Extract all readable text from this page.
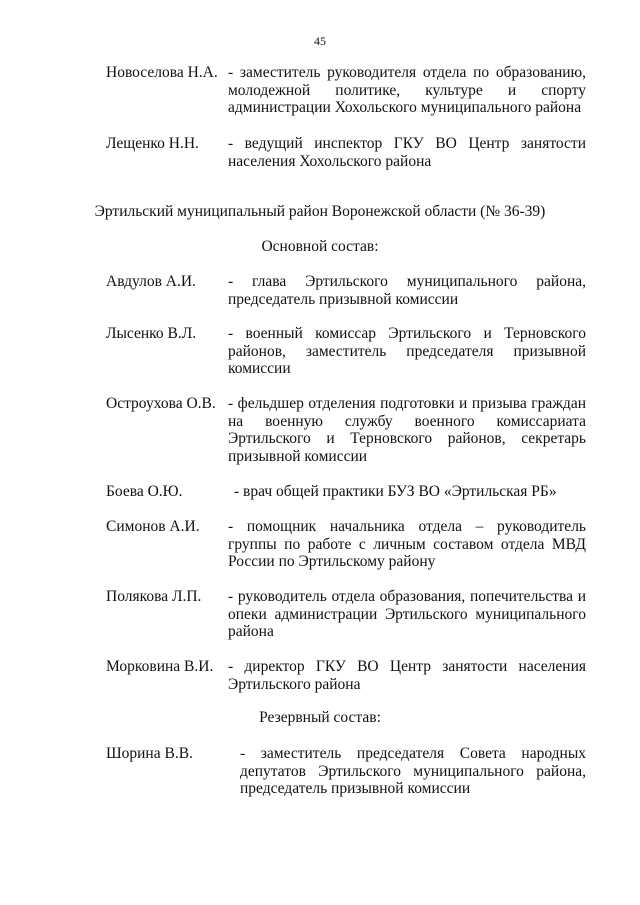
45
Новоселова Н.А. - заместитель руководителя отдела по образованию, молодежной политике, культуре и спорту администрации Хохольского муниципального района
Лещенко Н.Н.	- ведущий инспектор ГКУ ВО Центр занятости населения Хохольского района
Эртильский муниципальный район Воронежской области (№ 36-39)
Основной состав:
Авдулов А.И.	- глава Эртильского муниципального района, председатель призывной комиссии
Лысенко В.Л.	- военный комиссар Эртильского и Терновского районов, заместитель председателя призывной комиссии
Остроухова О.В. - фельдшер отделения подготовки и призыва граждан на военную службу военного комиссариата Эртильского и Терновского районов, секретарь призывной комиссии
Боева О.Ю.	- врач общей практики БУЗ ВО «Эртильская РБ»
Симонов А.И.	- помощник начальника отдела – руководитель группы по работе с личным составом отдела МВД России по Эртильскому району
Полякова Л.П.	- руководитель отдела образования, попечительства и опеки администрации Эртильского муниципального района
Морковина В.И. - директор ГКУ ВО Центр занятости населения Эртильского района
Резервный состав:
Шорина В.В.	- заместитель председателя Совета народных депутатов Эртильского муниципального района, председатель призывной комиссии
